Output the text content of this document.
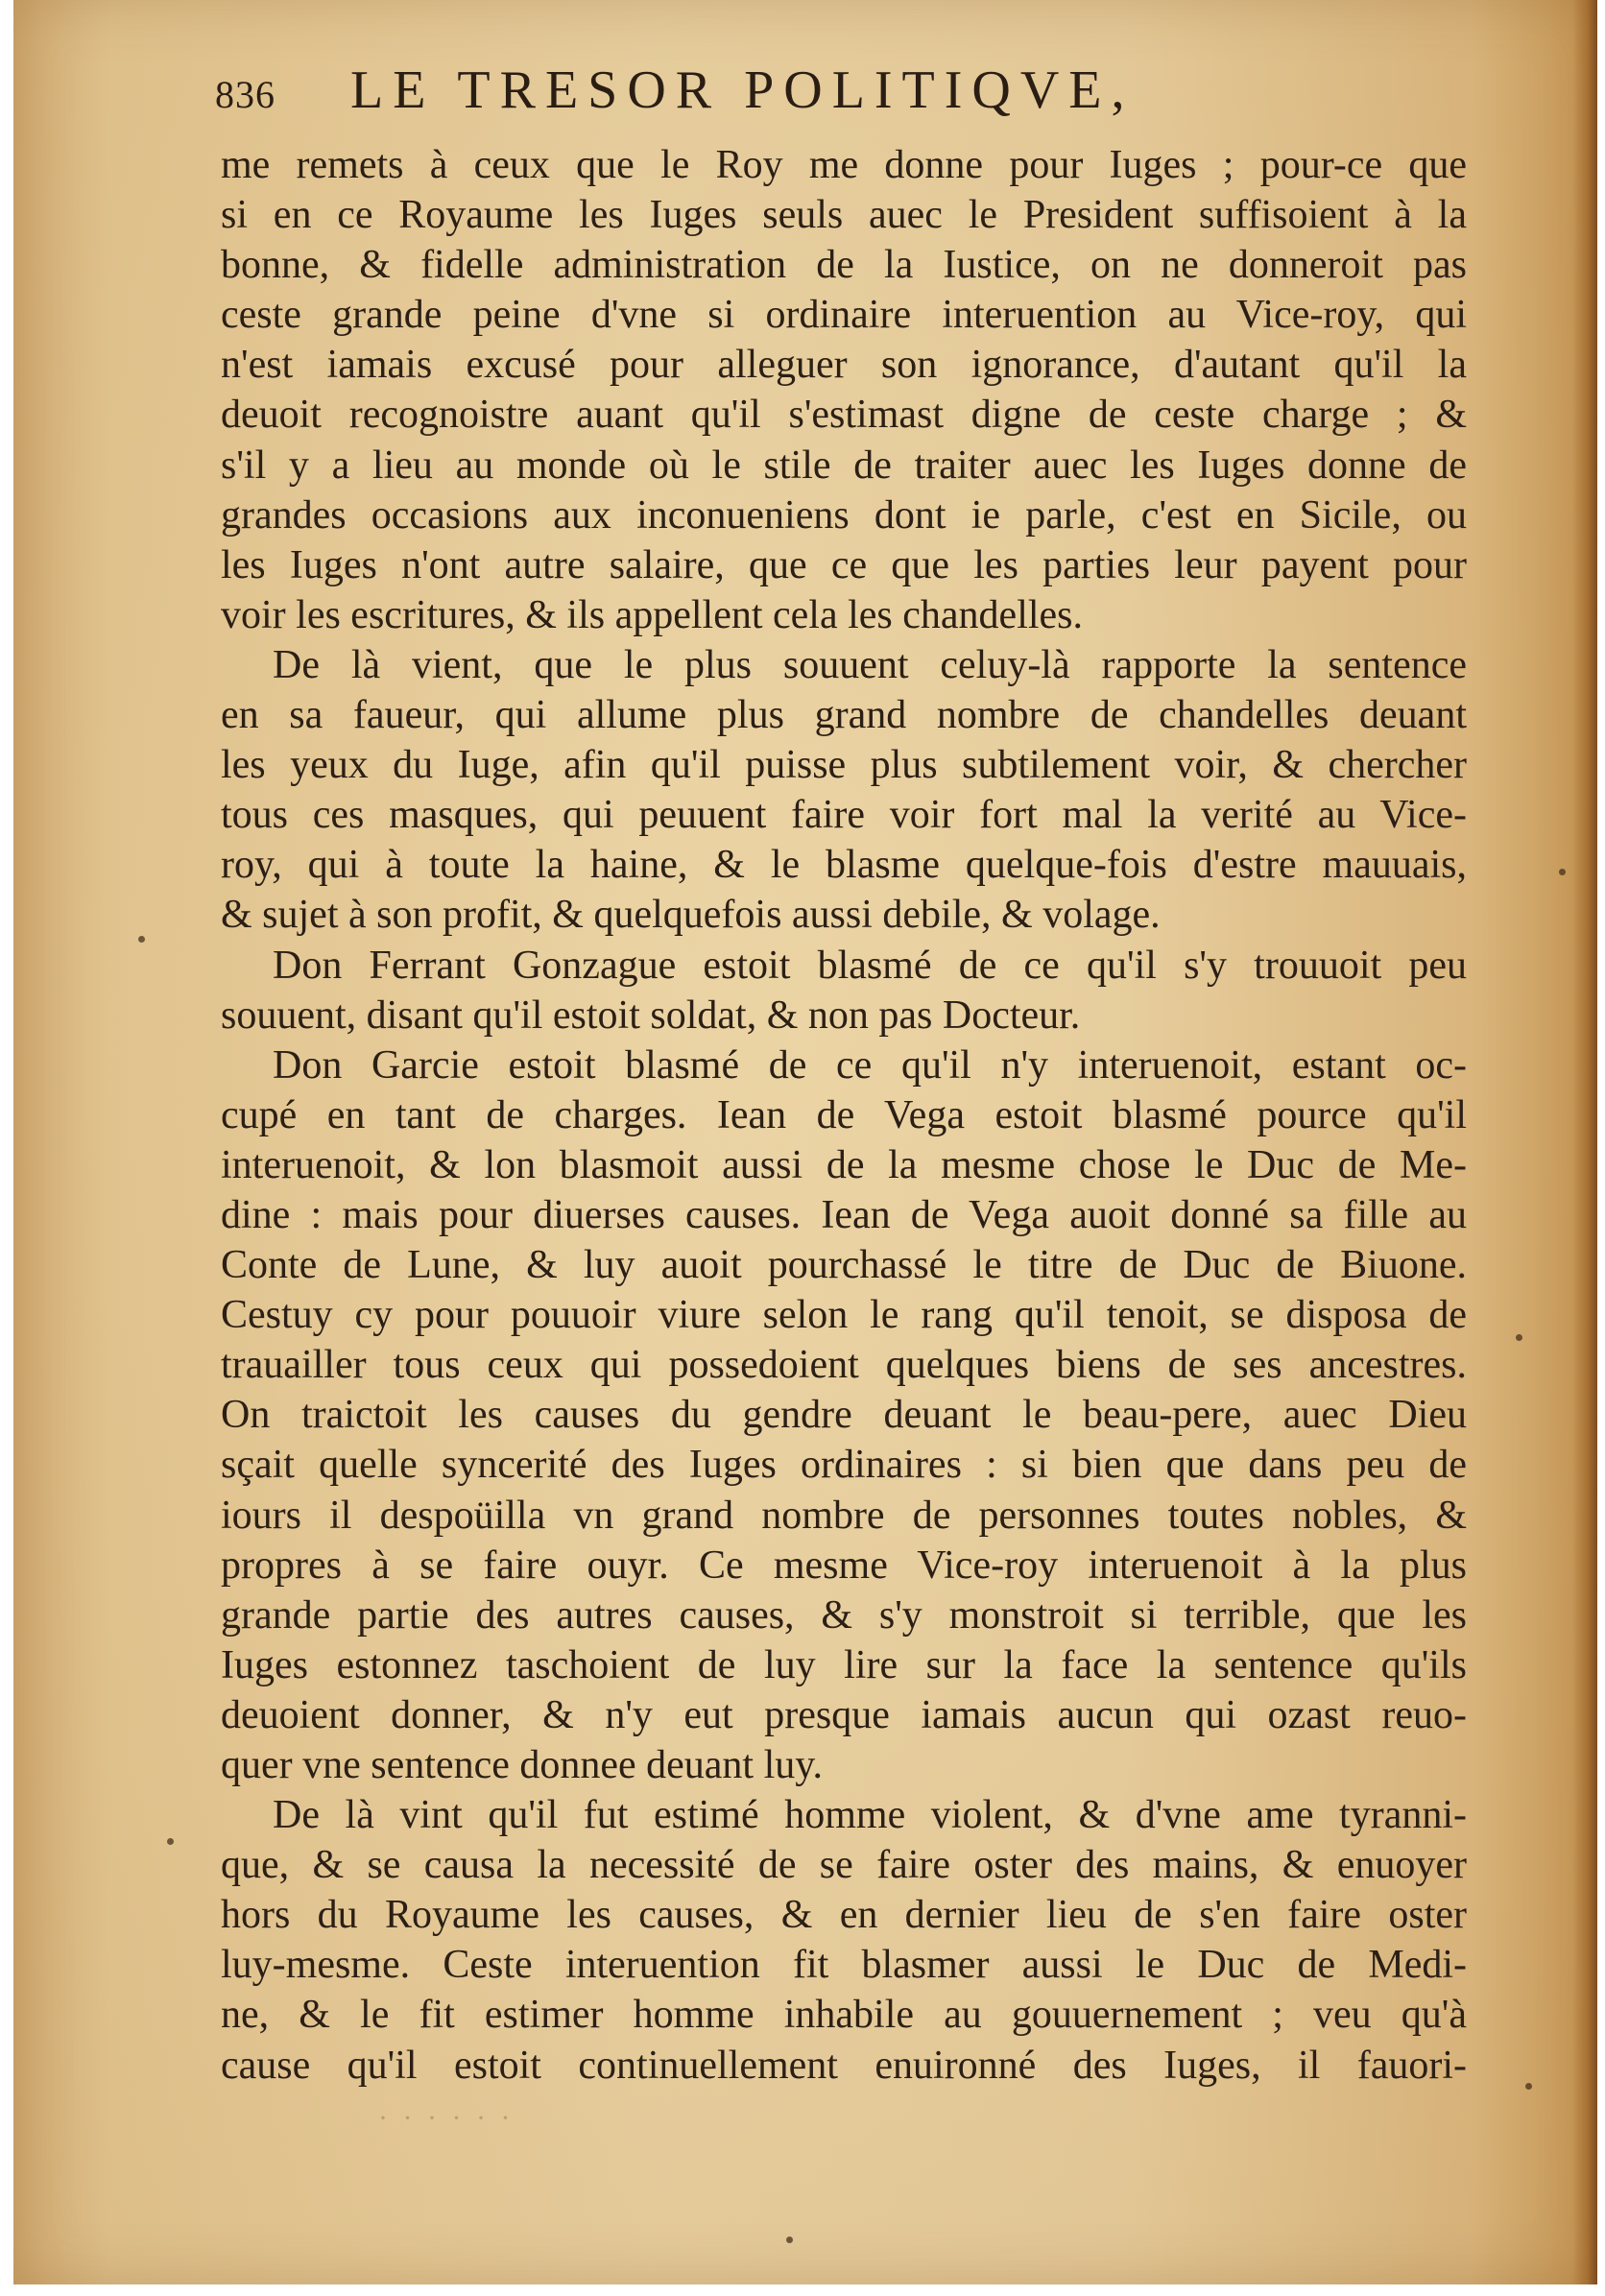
836 LE TRESOR POLITIQVE,
me remets à ceux que le Roy me donne pour Iuges ; pour-ce que
si en ce Royaume les Iuges seuls auec le President suffisoient à la
bonne, & fidelle administration de la Iustice, on ne donneroit pas
ceste grande peine d'vne si ordinaire interuention au Vice-roy, qui
n'est iamais excusé pour alleguer son ignorance, d'autant qu'il la
deuoit recognoistre auant qu'il s'estimast digne de ceste charge ; &
s'il y a lieu au monde où le stile de traiter auec les Iuges donne de
grandes occasions aux inconueniens dont ie parle, c'est en Sicile, ou
les Iuges n'ont autre salaire, que ce que les parties leur payent pour
voir les escritures, & ils appellent cela les chandelles.
De là vient, que le plus souuent celuy-là rapporte la sentence
en sa faueur, qui allume plus grand nombre de chandelles deuant
les yeux du Iuge, afin qu'il puisse plus subtilement voir, & chercher
tous ces masques, qui peuuent faire voir fort mal la verité au Vice-
roy, qui à toute la haine, & le blasme quelque-fois d'estre mauuais,
& sujet à son profit, & quelquefois aussi debile, & volage.
Don Ferrant Gonzague estoit blasmé de ce qu'il s'y trouuoit peu
souuent, disant qu'il estoit soldat, & non pas Docteur.
Don Garcie estoit blasmé de ce qu'il n'y interuenoit, estant oc-
cupé en tant de charges. Iean de Vega estoit blasmé pource qu'il
interuenoit, & lon blasmoit aussi de la mesme chose le Duc de Me-
dine : mais pour diuerses causes. Iean de Vega auoit donné sa fille au
Conte de Lune, & luy auoit pourchassé le titre de Duc de Biuone.
Cestuy cy pour pouuoir viure selon le rang qu'il tenoit, se disposa de
trauailler tous ceux qui possedoient quelques biens de ses ancestres.
On traictoit les causes du gendre deuant le beau-pere, auec Dieu
sçait quelle syncerité des Iuges ordinaires : si bien que dans peu de
iours il despoüilla vn grand nombre de personnes toutes nobles, &
propres à se faire ouyr. Ce mesme Vice-roy interuenoit à la plus
grande partie des autres causes, & s'y monstroit si terrible, que les
Iuges estonnez taschoient de luy lire sur la face la sentence qu'ils
deuoient donner, & n'y eut presque iamais aucun qui ozast reuo-
quer vne sentence donnee deuant luy.
De là vint qu'il fut estimé homme violent, & d'vne ame tyranni-
que, & se causa la necessité de se faire oster des mains, & enuoyer
hors du Royaume les causes, & en dernier lieu de s'en faire oster
luy-mesme. Ceste interuention fit blasmer aussi le Duc de Medi-
ne, & le fit estimer homme inhabile au gouuernement ; veu qu'à
cause qu'il estoit continuellement enuironné des Iuges, il fauori-
· · · · · ·
